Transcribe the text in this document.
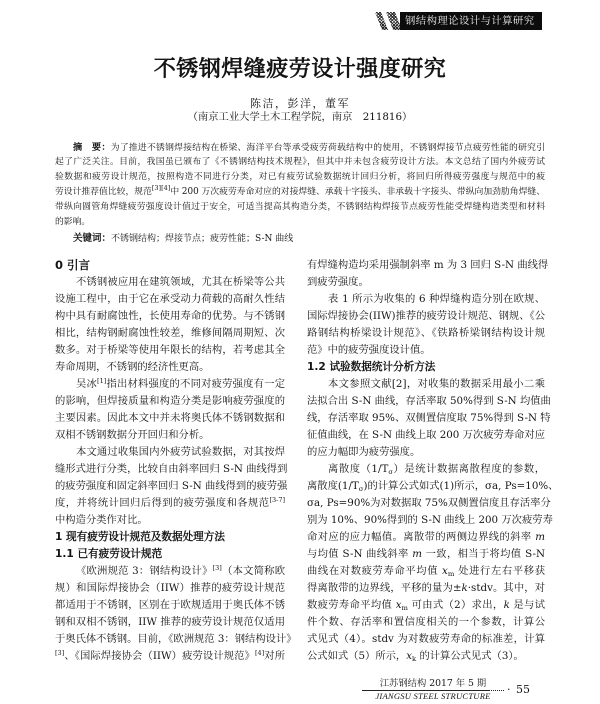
钢结构理论设计与计算研究
不锈钢焊缝疲劳设计强度研究
陈洁，彭洋，董军
（南京工业大学土木工程学院，南京　211816）
摘　要：为了推进不锈钢焊接结构在桥梁、海洋平台等承受疲劳荷载结构中的使用，不锈钢焊接节点疲劳性能的研究引
起了广泛关注。目前，我国虽已颁布了《不锈钢结构技术规程》，但其中并未包含疲劳设计方法。本文总结了国内外疲劳试
验数据和疲劳设计规范，按照构造不同进行分类，对已有疲劳试验数据统计回归分析，将回归所得疲劳强度与规范中的疲
劳设计推荐值比较，规范[3][4]中 200 万次疲劳寿命对应的对接焊缝、承载十字接头、非承载十字接头、带纵向加劲肋角焊缝、
带纵向圆管角焊缝疲劳强度设计值过于安全，可适当提高其构造分类，不锈钢结构焊接节点疲劳性能受焊缝构造类型和材料
的影响。
关键词：不锈钢结构；焊接节点；疲劳性能；S-N 曲线
0 引言
不锈钢被应用在建筑领域，尤其在桥梁等公共
设施工程中，由于它在承受动力荷载的高耐久性结
构中具有耐腐蚀性，长使用寿命的优势。与不锈钢
相比，结构钢耐腐蚀性较差，维修间隔周期短、次
数多。对于桥梁等使用年限长的结构，若考虑其全
寿命周期，不锈钢的经济性更高。
吴冰[1]指出材料强度的不同对疲劳强度有一定
的影响，但焊接质量和构造分类是影响疲劳强度的
主要因素。因此本文中并未将奥氏体不锈钢数据和
双相不锈钢数据分开回归和分析。
本文通过收集国内外疲劳试验数据，对其按焊
缝形式进行分类，比较自由斜率回归 S-N 曲线得到
的疲劳强度和固定斜率回归 S-N 曲线得到的疲劳强
度，并将统计回归后得到的疲劳强度和各规范[3-7]
中构造分类作对比。
1 现有疲劳设计规范及数据处理方法
1.1 已有疲劳设计规范
《欧洲规范 3：钢结构设计》[3]（本文简称欧
规）和国际焊接协会（IIW）推荐的疲劳设计规范
都适用于不锈钢，区别在于欧规适用于奥氏体不锈
钢和双相不锈钢，IIW 推荐的疲劳设计规范仅适用
于奥氏体不锈钢。目前，《欧洲规范 3：钢结构设计》
[3]、《国际焊接协会（IIW）疲劳设计规范》[4]对所
有焊缝构造均采用强制斜率 m 为 3 回归 S-N 曲线得
到疲劳强度。
表 1 所示为收集的 6 种焊缝构造分别在欧规、
国际焊接协会(IIW)推荐的疲劳设计规范、钢规、《公
路钢结构桥梁设计规范》、《铁路桥梁钢结构设计规
范》中的疲劳强度设计值。
1.2 试验数据统计分析方法
本文参照文献[2]，对收集的数据采用最小二乘
法拟合出 S-N 曲线，存活率取 50%得到 S-N 均值曲
线，存活率取 95%、双侧置信度取 75%得到 S-N 特
征值曲线，在 S-N 曲线上取 200 万次疲劳寿命对应
的应力幅即为疲劳强度。
离散度$(1/T_\sigma)$是统计数据离散程度的参数，
离散度$(1/T_\sigma)$的计算公式如式(1)所示，σa, Ps=10%、
σa, Ps=90%为对数据取 75%双侧置信度且存活率分
别为 10%、90%得到的 S-N 曲线上 200 万次疲劳寿
命对应的应力幅值。离散带的两侧边界线的斜率 m
与均值 S-N 曲线斜率 m 一致，相当于将均值 S-N
曲线在对数疲劳寿命平均值 $x_m$ 处进行左右平移获
得离散带的边界线，平移的量为±k·stdv。其中，对
数疲劳寿命平均值 $x_m$ 可由式（2）求出，k 是与试
件个数、存活率和置信度相关的一个参数，计算公
式见式（4）。stdv 为对数疲劳寿命的标准差，计算
公式如式（5）所示，$x_k$ 的计算公式见式（3）。
江苏钢结构 2017 年 5 期
JIANGSU STEEL STRUCTURE	· 55
